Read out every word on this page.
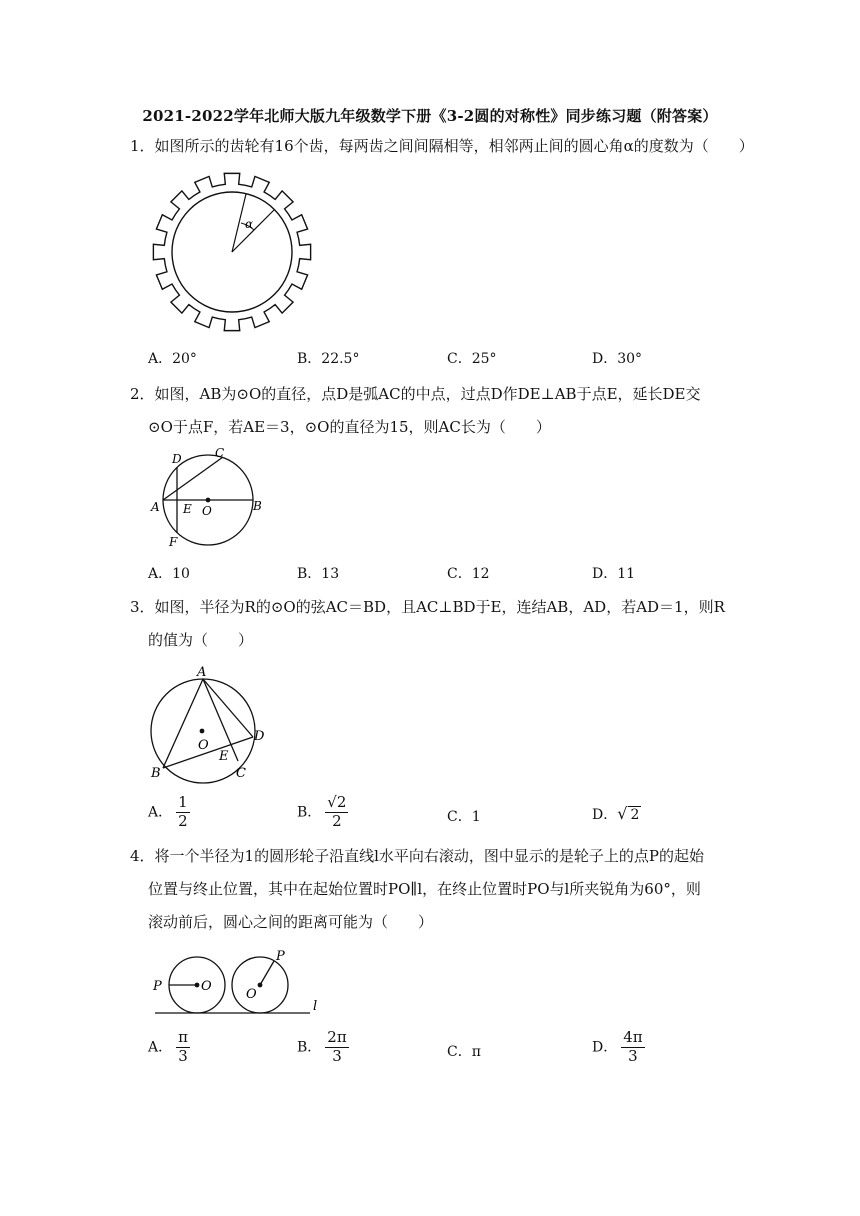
2021-2022学年北师大版九年级数学下册《3-2圆的对称性》同步练习题（附答案）
1．如图所示的齿轮有16个齿，每两齿之间间隔相等，相邻两止间的圆心角α的度数为（　　）
α
A．20°	B．22.5°	C．25°	D．30°
2．如图，AB为⊙O的直径，点D是弧AC的中点，过点D作DE⊥AB于点E，延长DE交
⊙O于点F，若AE＝3，⊙O的直径为15，则AC长为（　　）
D	C
A E O	B
F
A．10	B．13	C．12	D．11
3．如图，半径为R的⊙O的弦AC＝BD，且AC⊥BD于E，连结AB，AD，若AD＝1，则R
的值为（　　）
A
O
D
E
B	C
A． $\frac{1}{2}$	B． $\frac{√2}{2}$	C．1	D．√ 2
4．将一个半径为1的圆形轮子沿直线l水平向右滚动，图中显示的是轮子上的点P的起始
位置与终止位置，其中在起始位置时PO∥l，在终止位置时PO与l所夹锐角为60°，则
滚动前后，圆心之间的距离可能为（　　）
P	O
P
O
l
A． $\frac{\pi}{3}$	B． $\frac{2\pi}{3}$	C．π	D． $\frac{4\pi}{3}$
